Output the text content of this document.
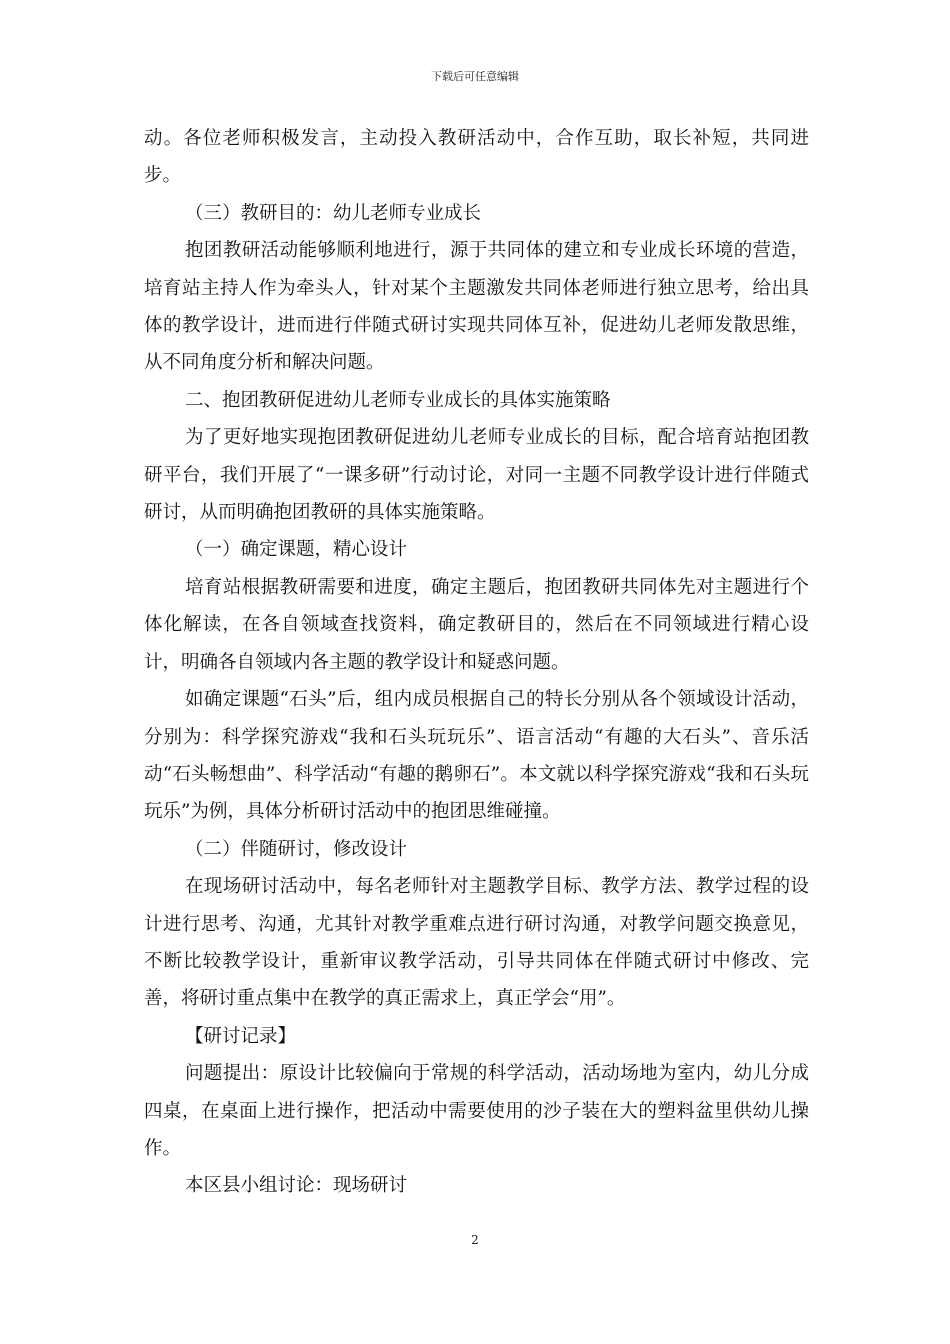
下载后可任意编辑

动。各位老师积极发言，主动投入教研活动中，合作互助，取长补短，共同进步。

（三）教研目的：幼儿老师专业成长

抱团教研活动能够顺利地进行，源于共同体的建立和专业成长环境的营造，培育站主持人作为牵头人，针对某个主题激发共同体老师进行独立思考，给出具体的教学设计，进而进行伴随式研讨实现共同体互补，促进幼儿老师发散思维，从不同角度分析和解决问题。

二、抱团教研促进幼儿老师专业成长的具体实施策略

为了更好地实现抱团教研促进幼儿老师专业成长的目标，配合培育站抱团教研平台，我们开展了“一课多研”行动讨论，对同一主题不同教学设计进行伴随式研讨，从而明确抱团教研的具体实施策略。

（一）确定课题，精心设计

培育站根据教研需要和进度，确定主题后，抱团教研共同体先对主题进行个体化解读，在各自领域查找资料，确定教研目的，然后在不同领域进行精心设计，明确各自领域内各主题的教学设计和疑惑问题。

如确定课题“石头”后，组内成员根据自己的特长分别从各个领域设计活动，分别为：科学探究游戏“我和石头玩玩乐”、语言活动“有趣的大石头”、音乐活动“石头畅想曲”、科学活动“有趣的鹅卵石”。本文就以科学探究游戏“我和石头玩玩乐”为例，具体分析研讨活动中的抱团思维碰撞。

（二）伴随研讨，修改设计

在现场研讨活动中，每名老师针对主题教学目标、教学方法、教学过程的设计进行思考、沟通，尤其针对教学重难点进行研讨沟通，对教学问题交换意见，不断比较教学设计，重新审议教学活动，引导共同体在伴随式研讨中修改、完善，将研讨重点集中在教学的真正需求上，真正学会“用”。

【研讨记录】

问题提出：原设计比较偏向于常规的科学活动，活动场地为室内，幼儿分成四桌，在桌面上进行操作，把活动中需要使用的沙子装在大的塑料盆里供幼儿操作。

本区县小组讨论：现场研讨

2
